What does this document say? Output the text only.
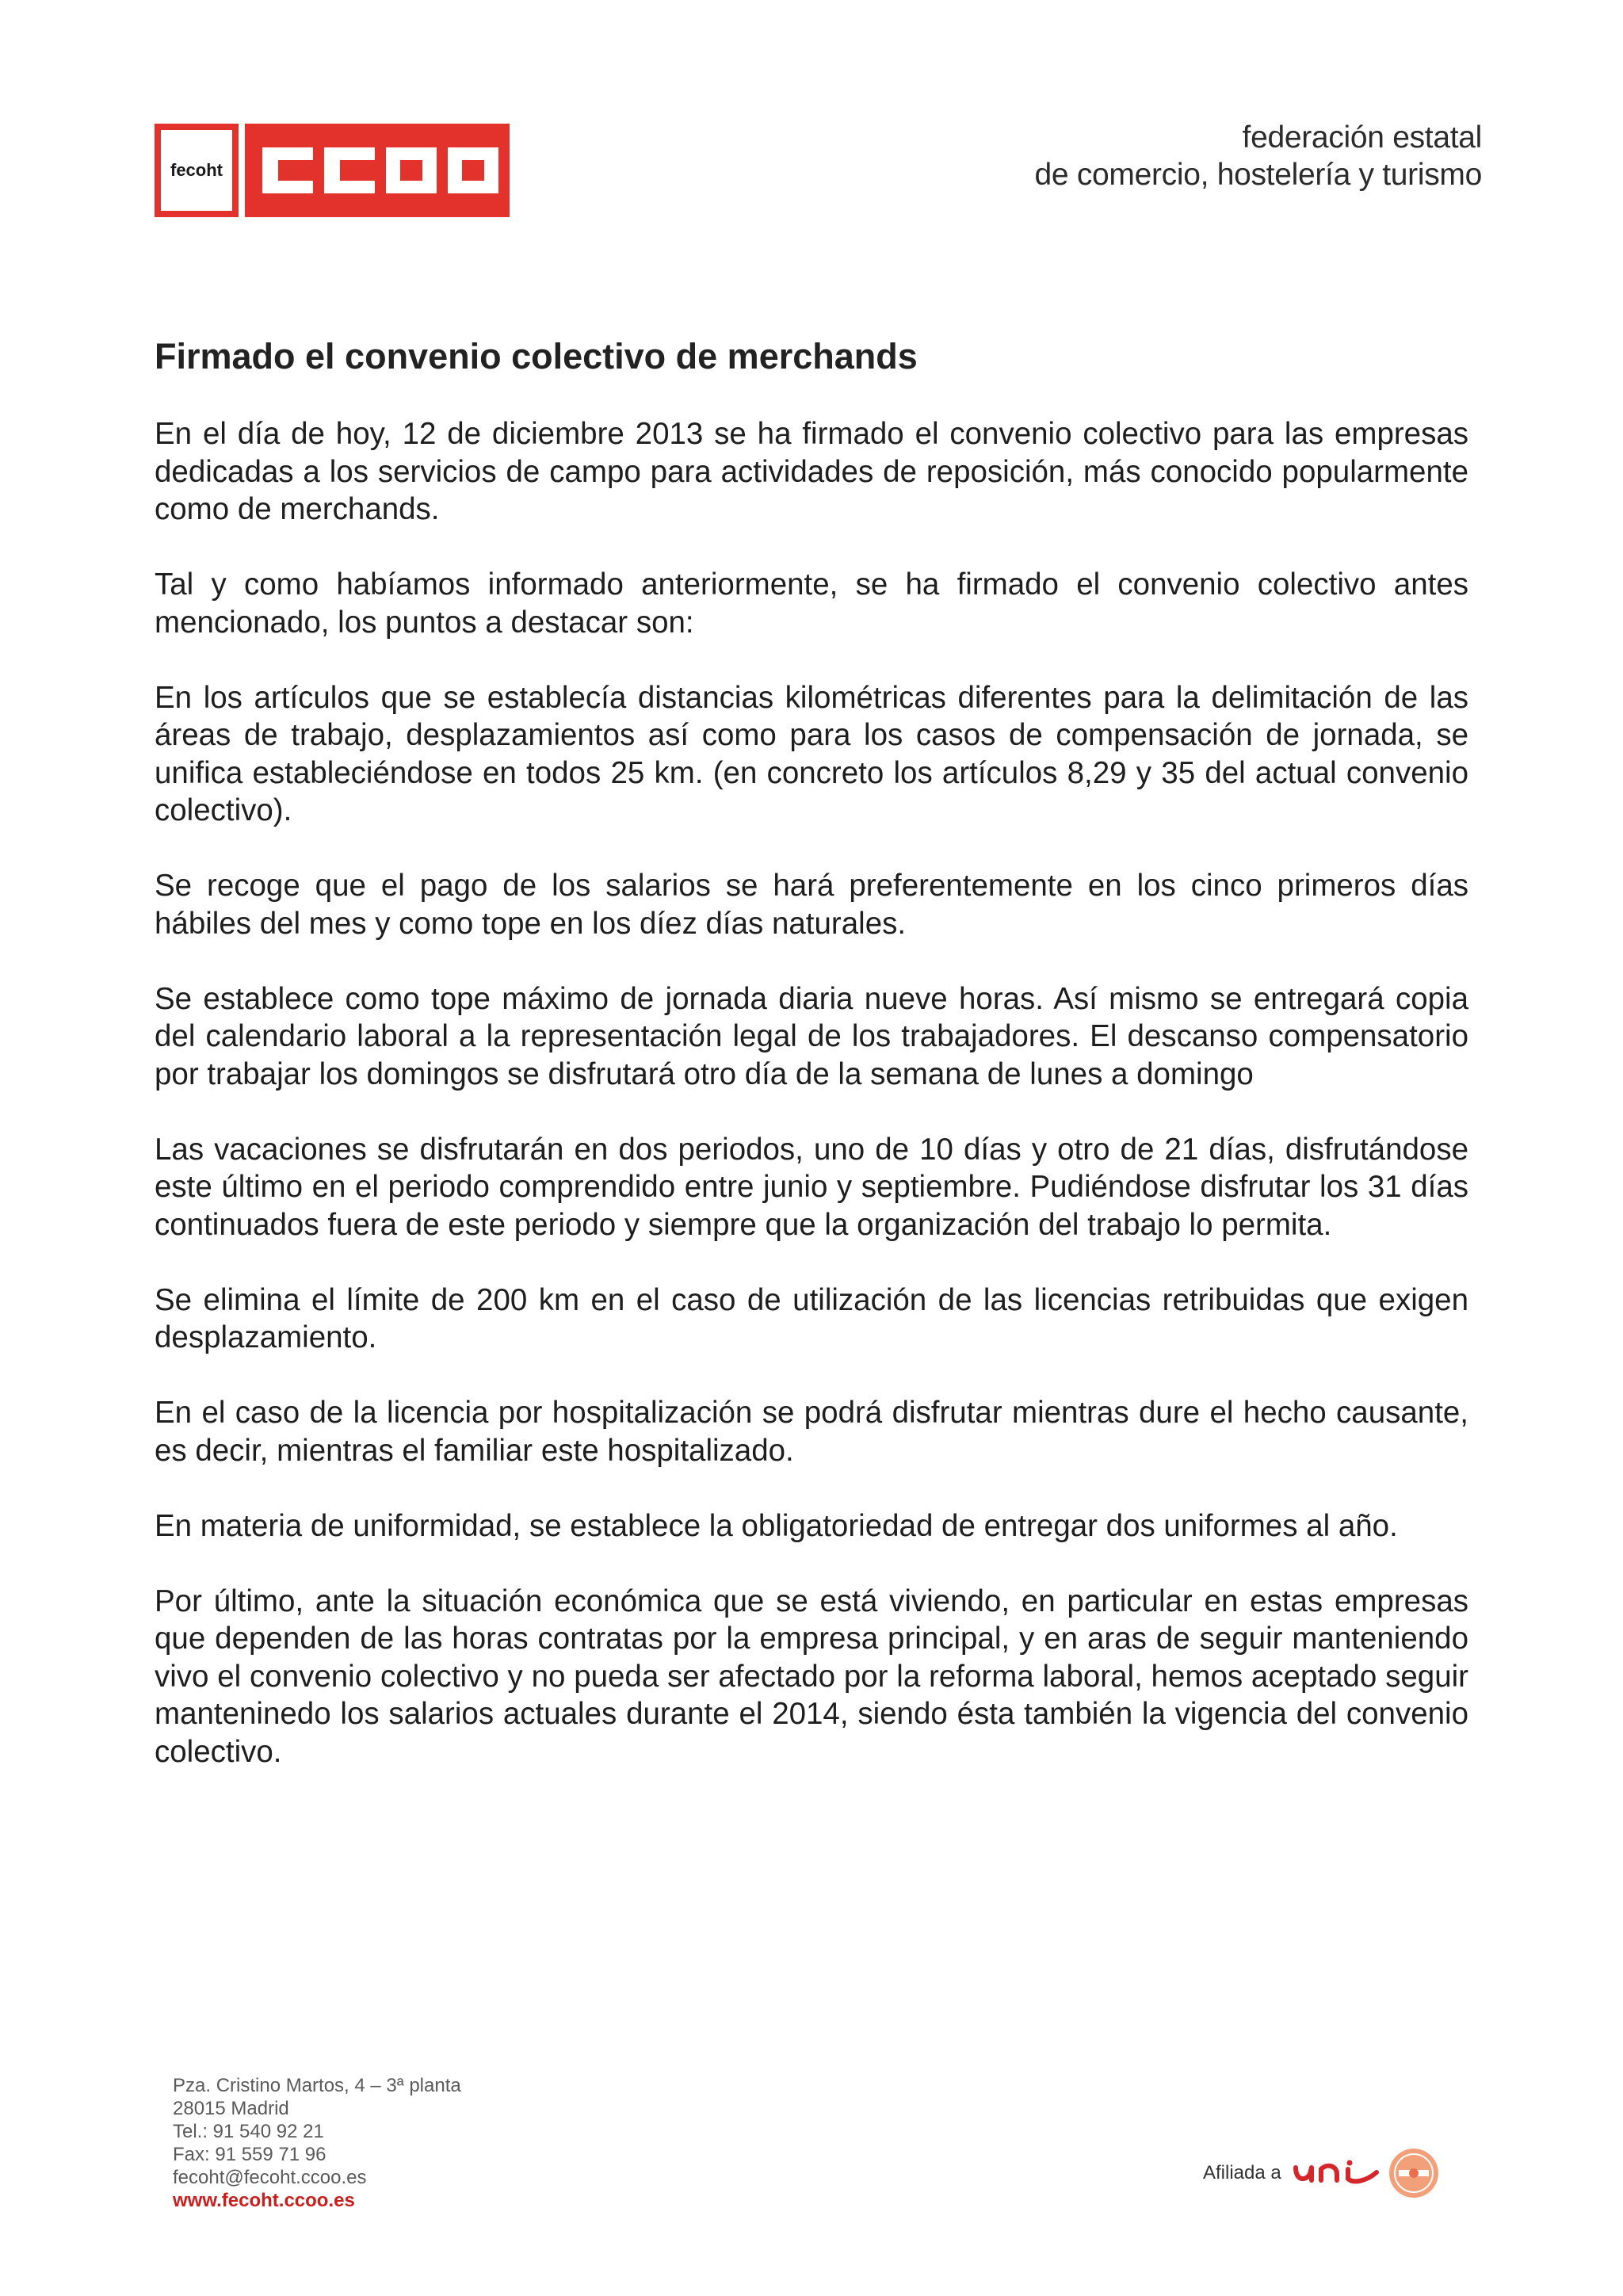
fecoht
federación estatal
de comercio, hostelería y turismo
Firmado el convenio colectivo de merchands

En el día de hoy, 12 de diciembre 2013 se ha firmado el convenio colectivo para las empresas dedicadas a los servicios de campo para actividades de reposición, más conocido popularmente como de merchands.

Tal y como habíamos informado anteriormente, se ha firmado el convenio colectivo antes mencionado, los puntos a destacar son:

En los artículos que se establecía distancias kilométricas diferentes para la delimitación de las áreas de trabajo, desplazamientos así como para los casos de compensación de jornada, se unifica estableciéndose en todos 25 km. (en concreto los artículos 8,29 y 35 del actual convenio colectivo).

Se recoge que el pago de los salarios se hará preferentemente en los cinco primeros días hábiles del mes y como tope en los díez días naturales.

Se establece como tope máximo de jornada diaria nueve horas. Así mismo se entregará copia del calendario laboral a la representación legal de los trabajadores. El descanso compensatorio por trabajar los domingos se disfrutará otro día de la semana de lunes a domingo

Las vacaciones se disfrutarán en dos periodos, uno de 10 días y otro de 21 días, disfrutándose este último en el periodo comprendido entre junio y septiembre. Pudiéndose disfrutar los 31 días continuados fuera de este periodo y siempre que la organización del trabajo lo permita.

Se elimina el límite de 200 km en el caso de utilización de las licencias retribuidas que exigen desplazamiento.

En el caso de la licencia por hospitalización se podrá disfrutar mientras dure el hecho causante, es decir, mientras el familiar este hospitalizado.

En materia de uniformidad, se establece la obligatoriedad de entregar dos uniformes al año.

Por último, ante la situación económica que se está viviendo, en particular en estas empresas que dependen de las horas contratas por la empresa principal, y en aras de seguir manteniendo vivo el convenio colectivo y no pueda ser afectado por la reforma laboral, hemos aceptado seguir manteninedo los salarios actuales durante el 2014, siendo ésta también la vigencia del convenio colectivo.

Pza. Cristino Martos, 4 – 3ª planta
28015 Madrid
Tel.: 91 540 92 21
Fax: 91 559 71 96
fecoht@fecoht.ccoo.es
www.fecoht.ccoo.es
Afiliada a
